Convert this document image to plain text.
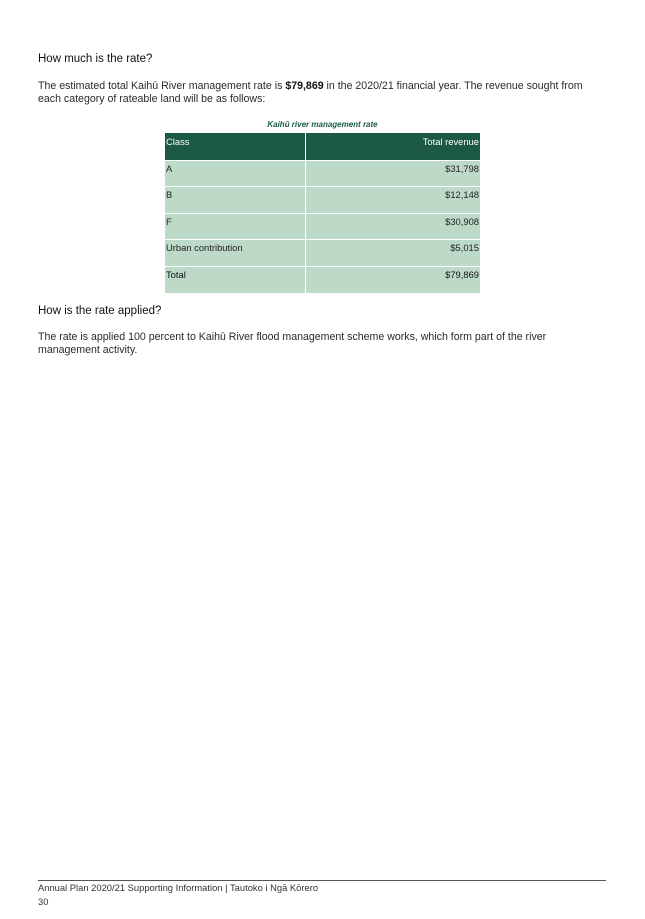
How much is the rate?

The estimated total Kaihū River management rate is $79,869 in the 2020/21 financial year. The revenue sought from each category of rateable land will be as follows:

Kaihū river management rate
Class	Total revenue
A	$31,798
B	$12,148
F	$30,908
Urban contribution	$5,015
Total	$79,869
How is the rate applied?

The rate is applied 100 percent to Kaihū River flood management scheme works, which form part of the river management activity.

Annual Plan 2020/21 Supporting Information | Tautoko i Ngā Kōrero
30
